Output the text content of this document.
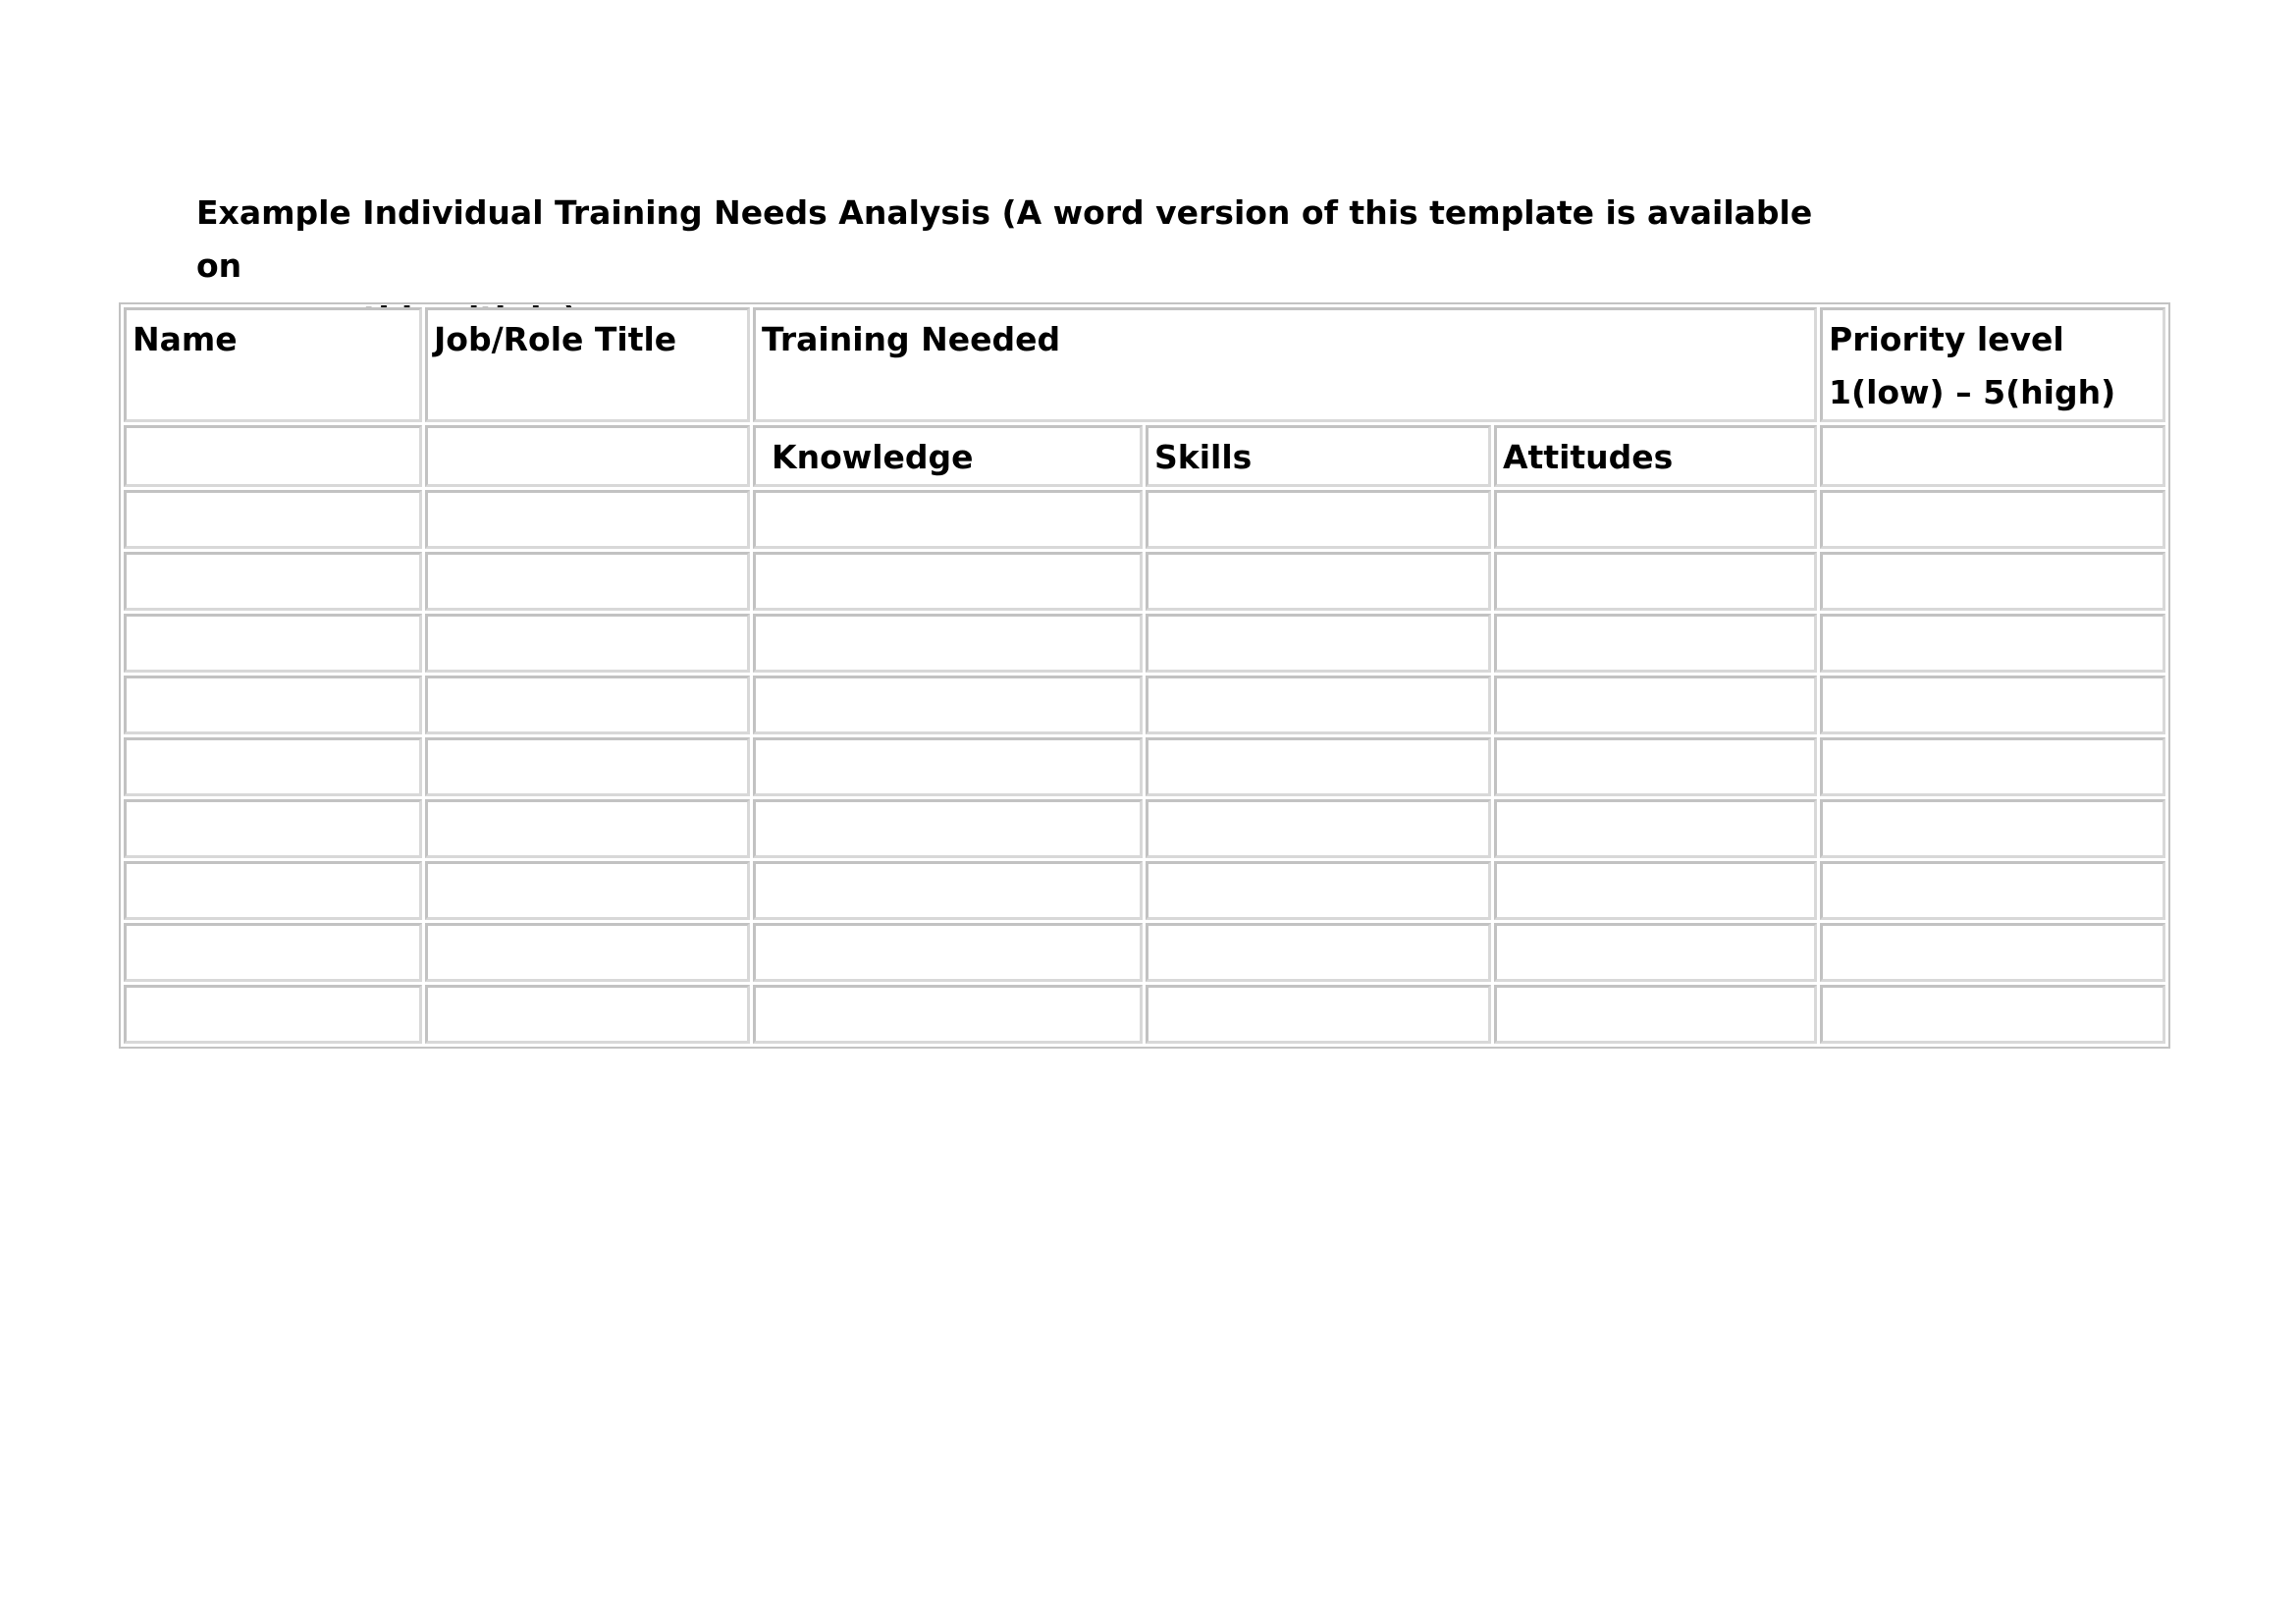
Example Individual Training Needs Analysis (A word version of this template is available on
Name	Job/Role Title	Training Needed			Priority level
1(low) – 5(high)

		Knowledge	Skills	Attitudes	
